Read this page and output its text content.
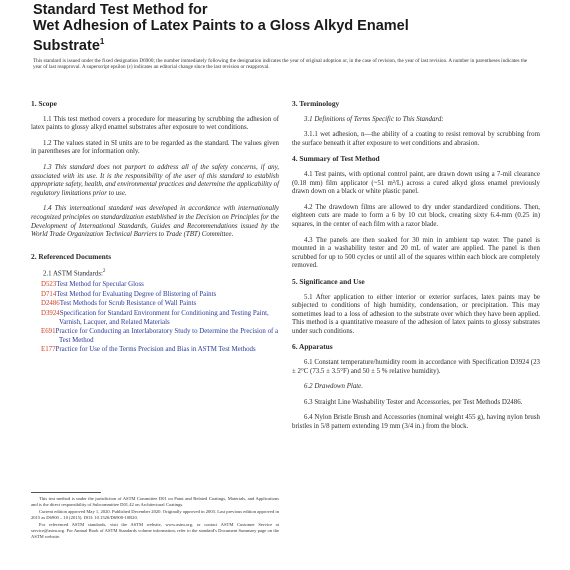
Standard Test Method for
Wet Adhesion of Latex Paints to a Gloss Alkyd Enamel
Substrate$^1$
This standard is issued under the fixed designation D6900; the number immediately following the designation indicates the year of original adoption or, in the case of revision, the year of last revision. A number in parentheses indicates the year of last reapproval. A superscript epsilon (ε) indicates an editorial change since the last revision or reapproval.
1. Scope

1.1 This test method covers a procedure for measuring by scrubbing the adhesion of latex paints to glossy alkyd enamel substrates after exposure to wet conditions.

1.2 The values stated in SI units are to be regarded as the standard. The values given in parentheses are for information only.

1.3 This standard does not purport to address all of the safety concerns, if any, associated with its use. It is the responsibility of the user of this standard to establish appropriate safety, health, and environmental practices and determine the applicability of regulatory limitations prior to use.

1.4 This international standard was developed in accordance with internationally recognized principles on standardization established in the Decision on Principles for the Development of International Standards, Guides and Recommendations issued by the World Trade Organization Technical Barriers to Trade (TBT) Committee.

2. Referenced Documents
2.1 ASTM Standards:$^2$
D523Test Method for Specular Gloss
D714Test Method for Evaluating Degree of Blistering of Paints
D2486Test Methods for Scrub Resistance of Wall Paints
D3924Specification for Standard Environment for Conditioning and Testing Paint, Varnish, Lacquer, and Related Materials
E691Practice for Conducting an Interlaboratory Study to Determine the Precision of a Test Method
E177Practice for Use of the Terms Precision and Bias in ASTM Test Methods

This test method is under the jurisdiction of ASTM Committee D01 on Paint and Related Coatings, Materials, and Applications and is the direct responsibility of Subcommittee D01.42 on Architectural Coatings.

Current edition approved May 1, 2020. Published December 2020. Originally approved in 2003. Last previous edition approved in 2015 as D6900 – 10 (2015). DOI: 10.1520/D6900-10R20.

For referenced ASTM standards, visit the ASTM website, www.astm.org, or contact ASTM Customer Service at service@astm.org. For Annual Book of ASTM Standards volume information, refer to the standard's Document Summary page on the ASTM website.

3. Terminology

3.1 Definitions of Terms Specific to This Standard:

3.1.1 wet adhesion, n—the ability of a coating to resist removal by scrubbing from the surface beneath it after exposure to wet conditions and abrasion.

4. Summary of Test Method

4.1 Test paints, with optional control paint, are drawn down using a 7-mil clearance (0.18 mm) film applicator (~51 m²/L) across a cured alkyd gloss enamel previously drawn down on a black or white plastic panel.

4.2 The drawdown films are allowed to dry under standardized conditions. Then, eighteen cuts are made to form a 6 by 10 cut block, creating sixty 6.4-mm (0.25 in) squares, in the center of each film with a razor blade.

4.3 The panels are then soaked for 30 min in ambient tap water. The panel is mounted in a washability tester and 20 mL of water are applied. The panel is then scrubbed for up to 500 cycles or until all of the squares within each block are completely removed.

5. Significance and Use

5.1 After application to either interior or exterior surfaces, latex paints may be subjected to conditions of high humidity, condensation, or precipitation. This may sometimes lead to a loss of adhesion to the substrate over which they have been applied. This method is a quantitative measure of the adhesion of latex paints to glossy substrates under such conditions.

6. Apparatus

6.1 Constant temperature/humidity room in accordance with Specification D3924 (23 ± 2°C (73.5 ± 3.5°F) and 50 ± 5 % relative humidity).

6.2 Drawdown Plate.

6.3 Straight Line Washability Tester and Accessories, per Test Methods D2486.

6.4 Nylon Bristle Brush and Accessories (nominal weight 455 g), having nylon brush bristles in 5/8 pattern extending 19 mm (3/4 in.) from the block.
